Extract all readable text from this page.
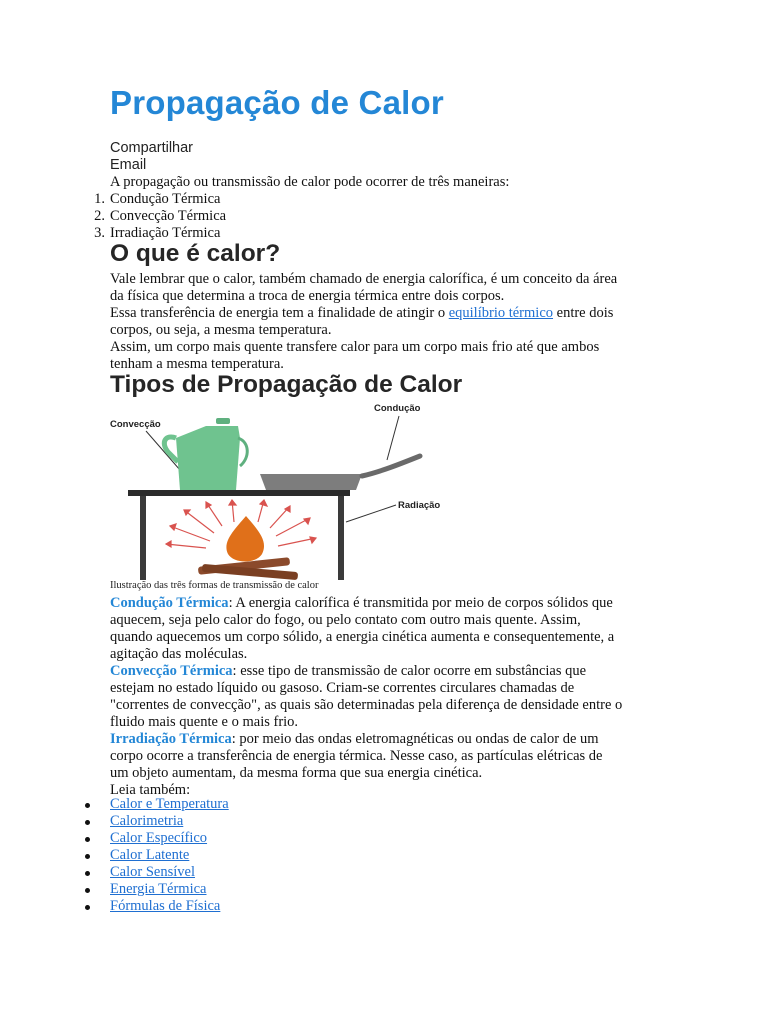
Propagação de Calor
Compartilhar
Email

A propagação ou transmissão de calor pode ocorrer de três maneiras:

1. Condução Térmica
2. Convecção Térmica
3. Irradiação Térmica
O que é calor?
Vale lembrar que o calor, também chamado de energia calorífica, é um conceito da área
da física que determina a troca de energia térmica entre dois corpos.
Essa transferência de energia tem a finalidade de atingir o equilíbrio térmico entre dois
corpos, ou seja, a mesma temperatura.
Assim, um corpo mais quente transfere calor para um corpo mais frio até que ambos
tenham a mesma temperatura.
Tipos de Propagação de Calor
Convecção
Condução
Radiação
Ilustração das três formas de transmissão de calor
Condução Térmica: A energia calorífica é transmitida por meio de corpos sólidos que
aquecem, seja pelo calor do fogo, ou pelo contato com outro mais quente. Assim,
quando aquecemos um corpo sólido, a energia cinética aumenta e consequentemente, a
agitação das moléculas.
Convecção Térmica: esse tipo de transmissão de calor ocorre em substâncias que
estejam no estado líquido ou gasoso. Criam-se correntes circulares chamadas de
"correntes de convecção", as quais são determinadas pela diferença de densidade entre o
fluido mais quente e o mais frio.
Irradiação Térmica: por meio das ondas eletromagnéticas ou ondas de calor de um
corpo ocorre a transferência de energia térmica. Nesse caso, as partículas elétricas de
um objeto aumentam, da mesma forma que sua energia cinética.
Leia também:
Calor e Temperatura
Calorimetria
Calor Específico
Calor Latente
Calor Sensível
Energia Térmica
Fórmulas de Física
